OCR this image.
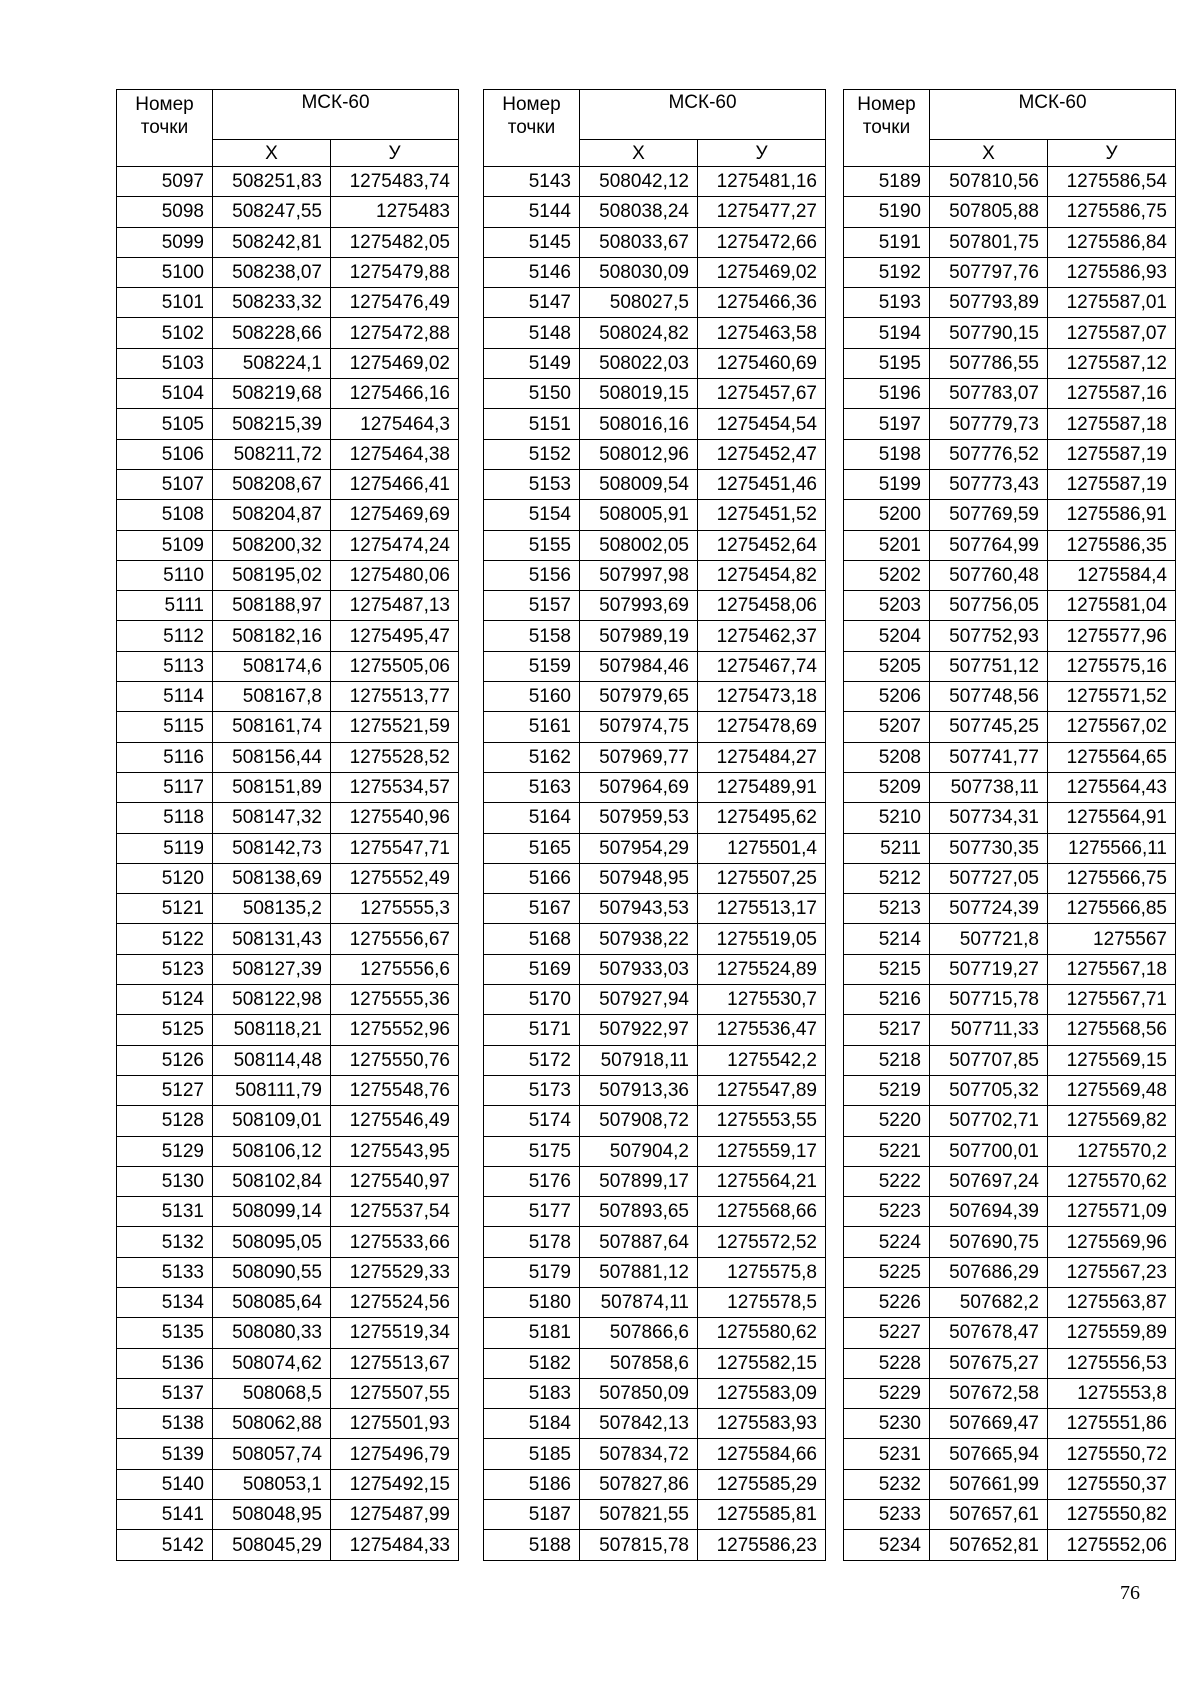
Номер точки	МСК-60	
	Х	У
5097	508251,83	1275483,74
5098	508247,55	1275483
5099	508242,81	1275482,05
5100	508238,07	1275479,88
5101	508233,32	1275476,49
5102	508228,66	1275472,88
5103	508224,1	1275469,02
5104	508219,68	1275466,16
5105	508215,39	1275464,3
5106	508211,72	1275464,38
5107	508208,67	1275466,41
5108	508204,87	1275469,69
5109	508200,32	1275474,24
5110	508195,02	1275480,06
5111	508188,97	1275487,13
5112	508182,16	1275495,47
5113	508174,6	1275505,06
5114	508167,8	1275513,77
5115	508161,74	1275521,59
5116	508156,44	1275528,52
5117	508151,89	1275534,57
5118	508147,32	1275540,96
5119	508142,73	1275547,71
5120	508138,69	1275552,49
5121	508135,2	1275555,3
5122	508131,43	1275556,67
5123	508127,39	1275556,6
5124	508122,98	1275555,36
5125	508118,21	1275552,96
5126	508114,48	1275550,76
5127	508111,79	1275548,76
5128	508109,01	1275546,49
5129	508106,12	1275543,95
5130	508102,84	1275540,97
5131	508099,14	1275537,54
5132	508095,05	1275533,66
5133	508090,55	1275529,33
5134	508085,64	1275524,56
5135	508080,33	1275519,34
5136	508074,62	1275513,67
5137	508068,5	1275507,55
5138	508062,88	1275501,93
5139	508057,74	1275496,79
5140	508053,1	1275492,15
5141	508048,95	1275487,99
5142	508045,29	1275484,33
Номер точки	МСК-60	
	Х	У
5143	508042,12	1275481,16
5144	508038,24	1275477,27
5145	508033,67	1275472,66
5146	508030,09	1275469,02
5147	508027,5	1275466,36
5148	508024,82	1275463,58
5149	508022,03	1275460,69
5150	508019,15	1275457,67
5151	508016,16	1275454,54
5152	508012,96	1275452,47
5153	508009,54	1275451,46
5154	508005,91	1275451,52
5155	508002,05	1275452,64
5156	507997,98	1275454,82
5157	507993,69	1275458,06
5158	507989,19	1275462,37
5159	507984,46	1275467,74
5160	507979,65	1275473,18
5161	507974,75	1275478,69
5162	507969,77	1275484,27
5163	507964,69	1275489,91
5164	507959,53	1275495,62
5165	507954,29	1275501,4
5166	507948,95	1275507,25
5167	507943,53	1275513,17
5168	507938,22	1275519,05
5169	507933,03	1275524,89
5170	507927,94	1275530,7
5171	507922,97	1275536,47
5172	507918,11	1275542,2
5173	507913,36	1275547,89
5174	507908,72	1275553,55
5175	507904,2	1275559,17
5176	507899,17	1275564,21
5177	507893,65	1275568,66
5178	507887,64	1275572,52
5179	507881,12	1275575,8
5180	507874,11	1275578,5
5181	507866,6	1275580,62
5182	507858,6	1275582,15
5183	507850,09	1275583,09
5184	507842,13	1275583,93
5185	507834,72	1275584,66
5186	507827,86	1275585,29
5187	507821,55	1275585,81
5188	507815,78	1275586,23
Номер точки	МСК-60	
	Х	У
5189	507810,56	1275586,54
5190	507805,88	1275586,75
5191	507801,75	1275586,84
5192	507797,76	1275586,93
5193	507793,89	1275587,01
5194	507790,15	1275587,07
5195	507786,55	1275587,12
5196	507783,07	1275587,16
5197	507779,73	1275587,18
5198	507776,52	1275587,19
5199	507773,43	1275587,19
5200	507769,59	1275586,91
5201	507764,99	1275586,35
5202	507760,48	1275584,4
5203	507756,05	1275581,04
5204	507752,93	1275577,96
5205	507751,12	1275575,16
5206	507748,56	1275571,52
5207	507745,25	1275567,02
5208	507741,77	1275564,65
5209	507738,11	1275564,43
5210	507734,31	1275564,91
5211	507730,35	1275566,11
5212	507727,05	1275566,75
5213	507724,39	1275566,85
5214	507721,8	1275567
5215	507719,27	1275567,18
5216	507715,78	1275567,71
5217	507711,33	1275568,56
5218	507707,85	1275569,15
5219	507705,32	1275569,48
5220	507702,71	1275569,82
5221	507700,01	1275570,2
5222	507697,24	1275570,62
5223	507694,39	1275571,09
5224	507690,75	1275569,96
5225	507686,29	1275567,23
5226	507682,2	1275563,87
5227	507678,47	1275559,89
5228	507675,27	1275556,53
5229	507672,58	1275553,8
5230	507669,47	1275551,86
5231	507665,94	1275550,72
5232	507661,99	1275550,37
5233	507657,61	1275550,82
5234	507652,81	1275552,06
76
